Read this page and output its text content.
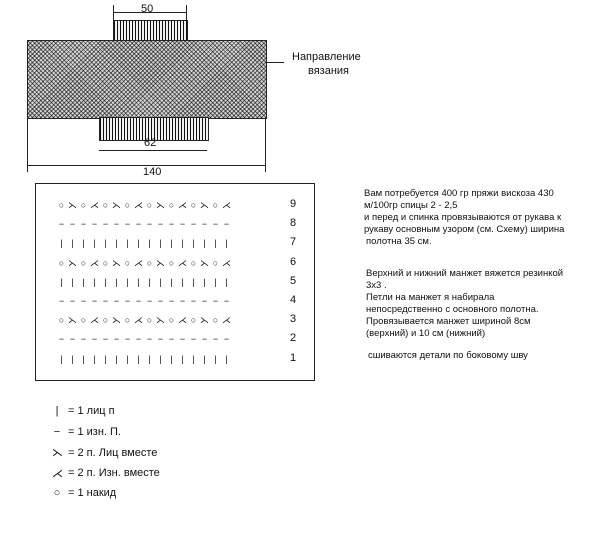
50
Направление
вязания
62
140
○ ⋋ ○ ⋌ ○ ⋋ ○ ⋌ ○ ⋋ ○ ⋌ ○ ⋋ ○ ⋌	9
− − − − − − − − − − − − − − − −	8
| | | | | | | | | | | | | | | |	7
○ ⋋ ○ ⋌ ○ ⋋ ○ ⋌ ○ ⋋ ○ ⋌ ○ ⋋ ○ ⋌	6
| | | | | | | | | | | | | | | |	5
− − − − − − − − − − − − − − − −	4
○ ⋋ ○ ⋌ ○ ⋋ ○ ⋌ ○ ⋋ ○ ⋌ ○ ⋋ ○ ⋌	3
− − − − − − − − − − − − − − − −	2
| | | | | | | | | | | | | | | |	1
| = 1 лиц п
− = 1 изн. П.
⋋ = 2 п. Лиц вместе
⋌ = 2 п. Изн. вместе
○ = 1 накид
Вам потребуется 400 гр пряжи вискоза 430
м/100гр спицы 2 - 2,5
и перед и спинка провязываются от рукава к
рукаву основным узором (см. Схему) ширина
полотна 35 см.
Верхний и нижний манжет вяжется резинкой
3х3 .
Петли на манжет я набирала
непосредственно с основного полотна.
Провязывается манжет шириной 8см
(верхний) и 10 см (нижний)
сшиваются детали по боковому шву
